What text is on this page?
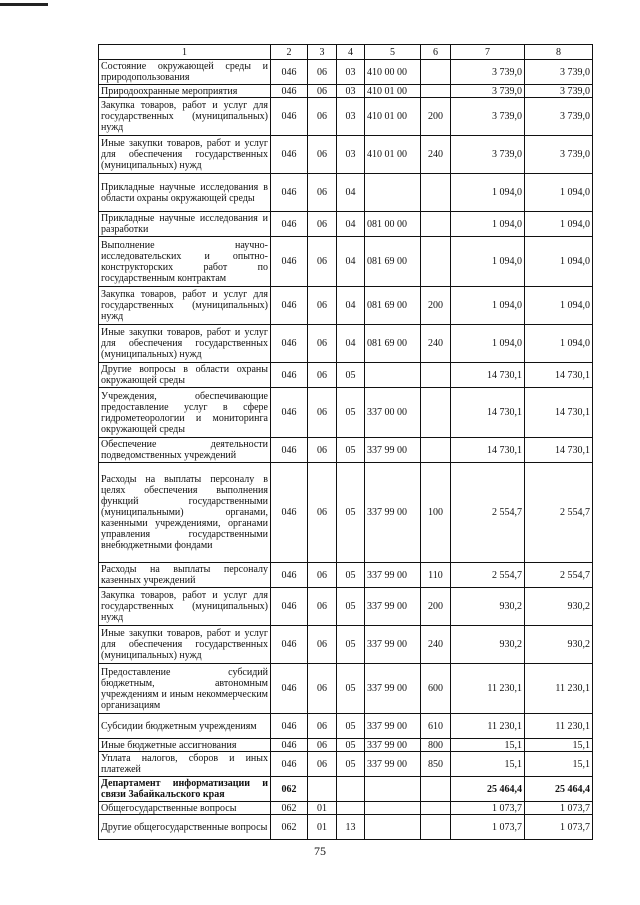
1	2	3	4	5	6	7	8
Состояние окружающей среды и природопользования	046	06	03	410 00 00		3 739,0	3 739,0
Природоохранные мероприятия	046	06	03	410 01 00		3 739,0	3 739,0
Закупка товаров, работ и услуг для государственных (муниципальных) нужд	046	06	03	410 01 00	200	3 739,0	3 739,0
Иные закупки товаров, работ и услуг для обеспечения государственных (муниципальных) нужд	046	06	03	410 01 00	240	3 739,0	3 739,0
Прикладные научные исследования в области охраны окружающей среды	046	06	04			1 094,0	1 094,0
Прикладные научные исследования и разработки	046	06	04	081 00 00		1 094,0	1 094,0
Выполнение научно-исследовательских и опытно-конструкторских работ по государственным контрактам	046	06	04	081 69 00		1 094,0	1 094,0
Закупка товаров, работ и услуг для государственных (муниципальных) нужд	046	06	04	081 69 00	200	1 094,0	1 094,0
Иные закупки товаров, работ и услуг для обеспечения государственных (муниципальных) нужд	046	06	04	081 69 00	240	1 094,0	1 094,0
Другие вопросы в области охраны окружающей среды	046	06	05			14 730,1	14 730,1
Учреждения, обеспечивающие предоставление услуг в сфере гидрометеорологии и мониторинга окружающей среды	046	06	05	337 00 00		14 730,1	14 730,1
Обеспечение деятельности подведомственных учреждений	046	06	05	337 99 00		14 730,1	14 730,1
Расходы на выплаты персоналу в целях обеспечения выполнения функций государственными (муниципальными) органами, казенными учреждениями, органами управления государственными внебюджетными фондами	046	06	05	337 99 00	100	2 554,7	2 554,7
Расходы на выплаты персоналу казенных учреждений	046	06	05	337 99 00	110	2 554,7	2 554,7
Закупка товаров, работ и услуг для государственных (муниципальных) нужд	046	06	05	337 99 00	200	930,2	930,2
Иные закупки товаров, работ и услуг для обеспечения государственных (муниципальных) нужд	046	06	05	337 99 00	240	930,2	930,2
Предоставление субсидий бюджетным, автономным учреждениям и иным некоммерческим организациям	046	06	05	337 99 00	600	11 230,1	11 230,1
Субсидии бюджетным учреждениям	046	06	05	337 99 00	610	11 230,1	11 230,1
Иные бюджетные ассигнования	046	06	05	337 99 00	800	15,1	15,1
Уплата налогов, сборов и иных платежей	046	06	05	337 99 00	850	15,1	15,1
Департамент информатизации и связи Забайкальского края	062					25 464,4	25 464,4
Общегосударственные вопросы	062	01				1 073,7	1 073,7
Другие общегосударственные вопросы	062	01	13			1 073,7	1 073,7
75
